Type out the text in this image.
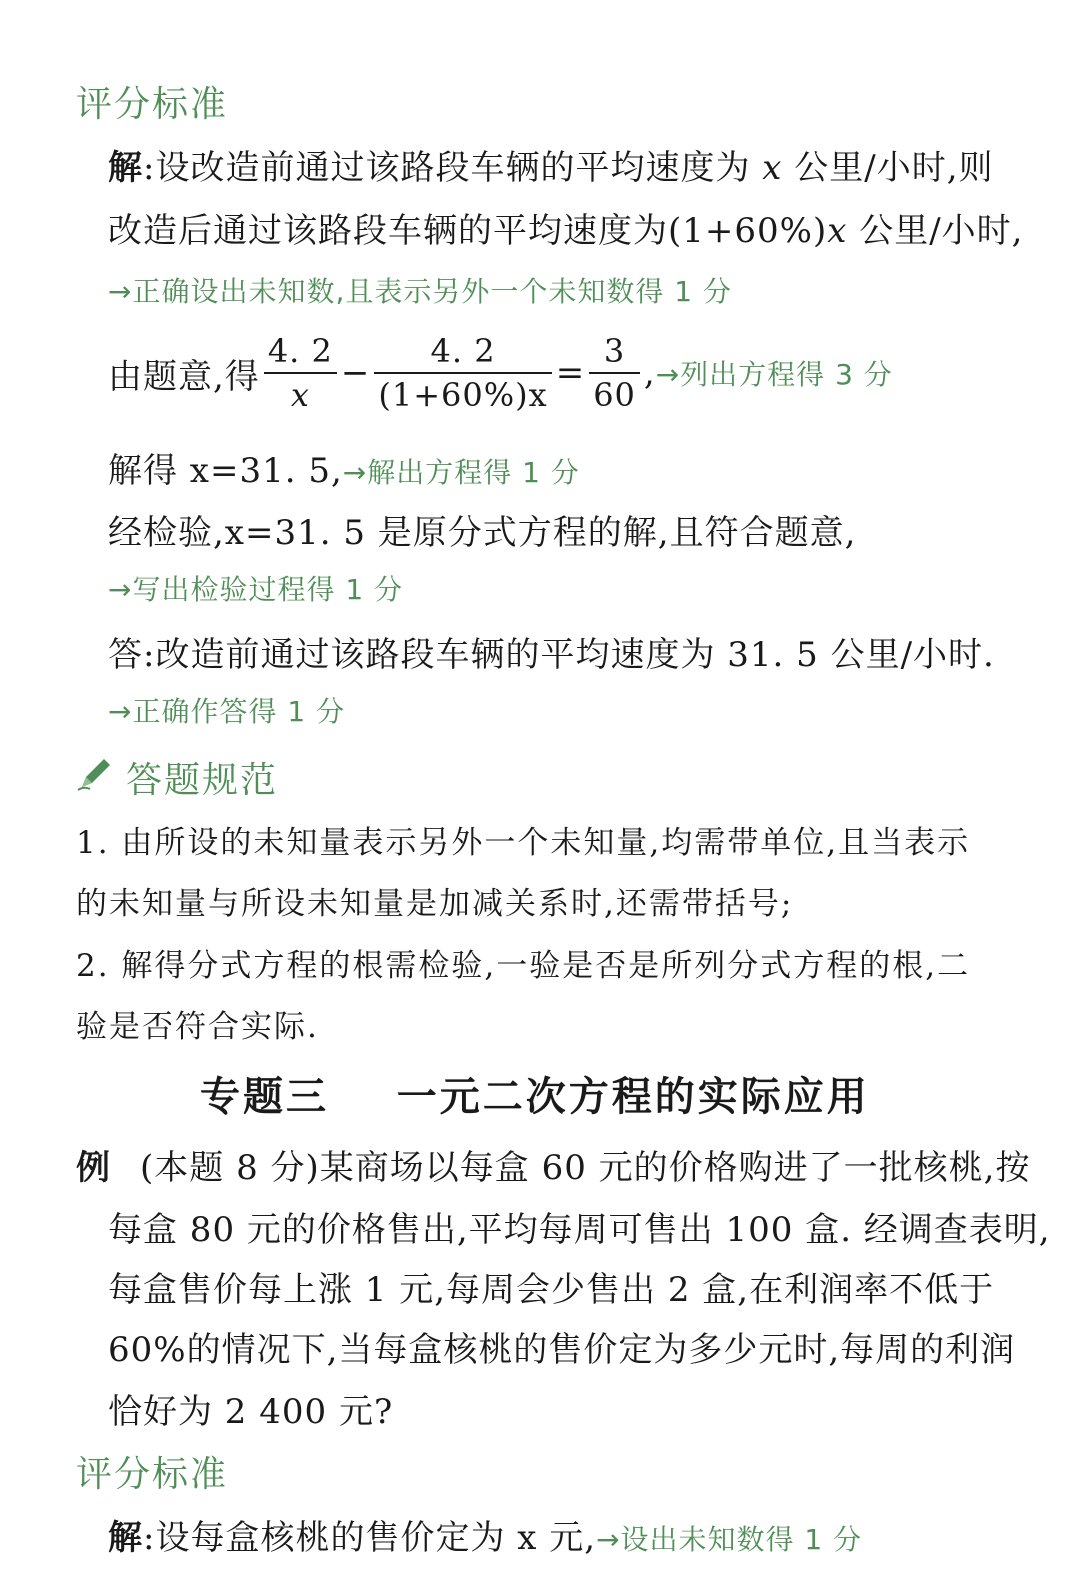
评分标准
解:设改造前通过该路段车辆的平均速度为 x 公里/小时,则
改造后通过该路段车辆的平均速度为(1+60%)x 公里/小时,
→正确设出未知数,且表示另外一个未知数得 1 分
由题意,得 $\frac{4. 2}{x} - \frac{4. 2}{(1+60\%)x} = \frac{3}{60}$ , →列出方程得 3 分
解得 x=31. 5, →解出方程得 1 分
经检验,x=31. 5 是原分式方程的解,且符合题意,
→写出检验过程得 1 分
答:改造前通过该路段车辆的平均速度为 31. 5 公里/小时.
→正确作答得 1 分
答题规范
1. 由所设的未知量表示另外一个未知量,均需带单位,且当表示
的未知量与所设未知量是加减关系时,还需带括号;
2. 解得分式方程的根需检验,一验是否是所列分式方程的根,二
验是否符合实际.
专题三    一元二次方程的实际应用
例 (本题 8 分)某商场以每盒 60 元的价格购进了一批核桃,按
每盒 80 元的价格售出,平均每周可售出 100 盒. 经调查表明,
每盒售价每上涨 1 元,每周会少售出 2 盒,在利润率不低于
60%的情况下,当每盒核桃的售价定为多少元时,每周的利润
恰好为 2 400 元?
评分标准
解 :设每盒核桃的售价定为 x 元, →设出未知数得 1 分
